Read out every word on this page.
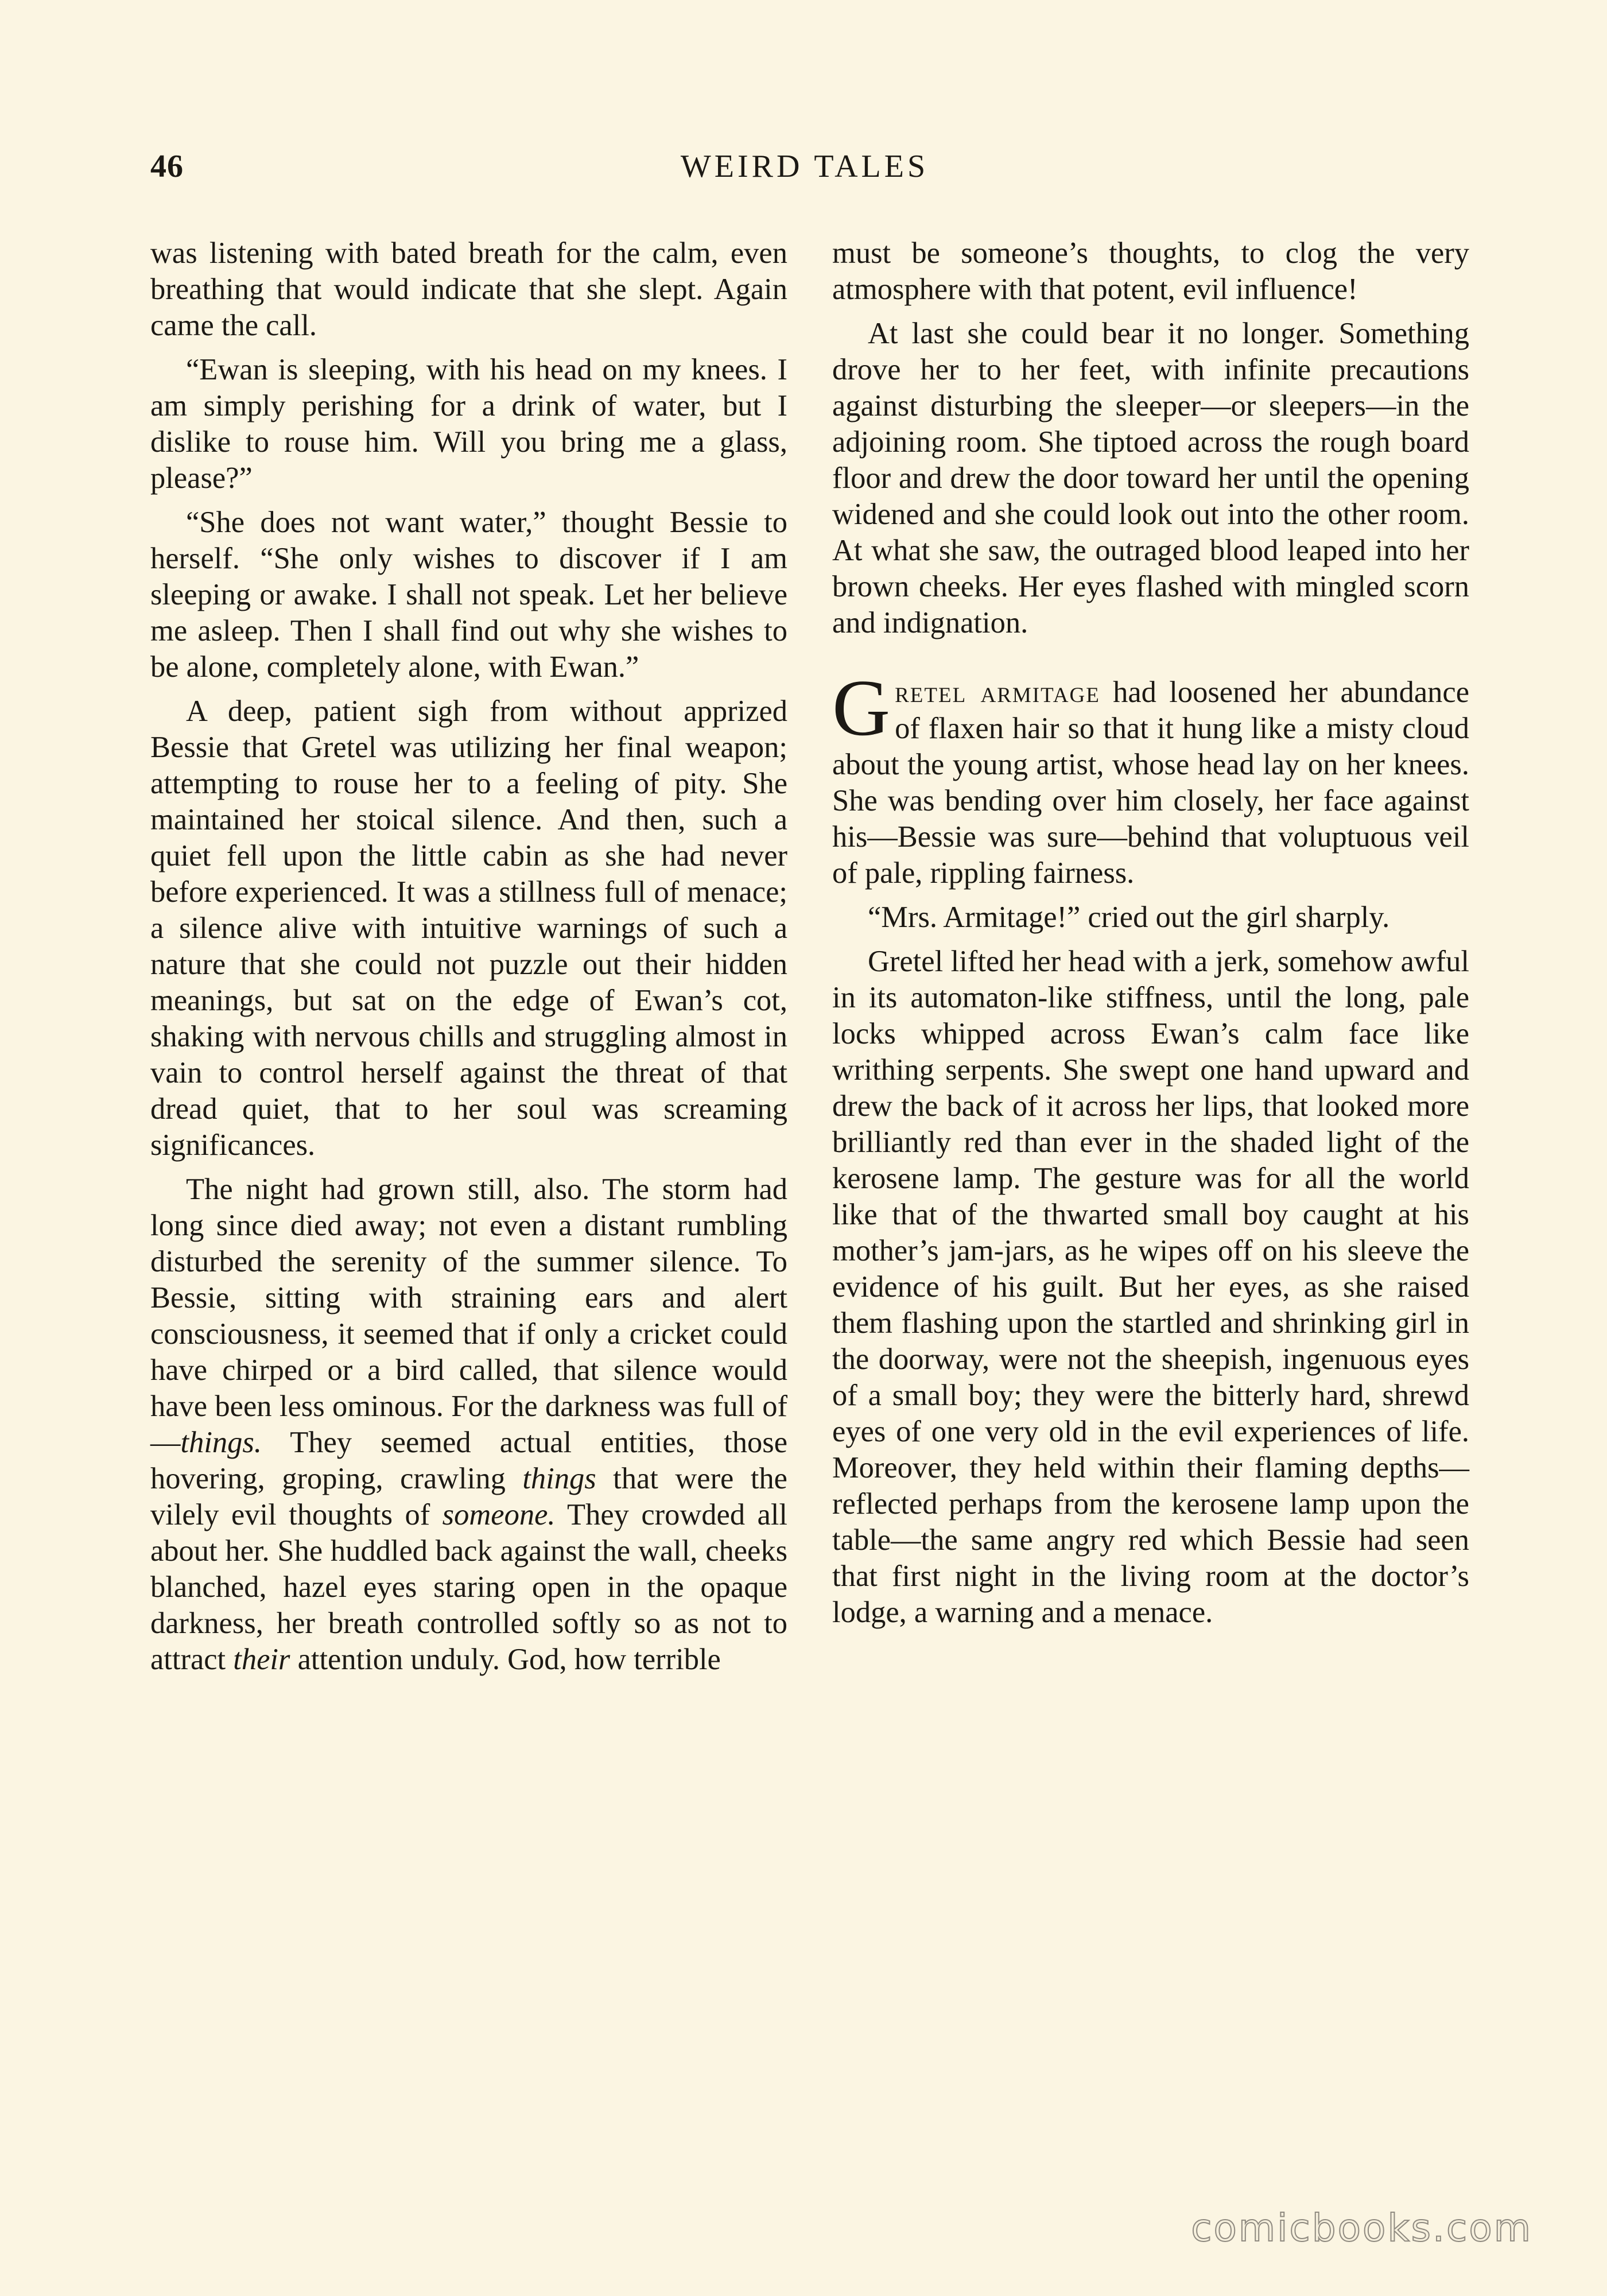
46	WEIRD TALES

was listening with bated breath for the calm, even breathing that would indicate that she slept. Again came the call.

“Ewan is sleeping, with his head on my knees. I am simply perishing for a drink of water, but I dislike to rouse him. Will you bring me a glass, please?”

“She does not want water,” thought Bessie to herself. “She only wishes to discover if I am sleeping or awake. I shall not speak. Let her believe me asleep. Then I shall find out why she wishes to be alone, completely alone, with Ewan.”

A deep, patient sigh from without apprized Bessie that Gretel was utilizing her final weapon; attempting to rouse her to a feeling of pity. She maintained her stoical silence. And then, such a quiet fell upon the little cabin as she had never before experienced. It was a stillness full of menace; a silence alive with intuitive warnings of such a nature that she could not puzzle out their hidden meanings, but sat on the edge of Ewan’s cot, shaking with nervous chills and struggling almost in vain to control herself against the threat of that dread quiet, that to her soul was screaming significances.

The night had grown still, also. The storm had long since died away; not even a distant rumbling disturbed the serenity of the summer silence. To Bessie, sitting with straining ears and alert consciousness, it seemed that if only a cricket could have chirped or a bird called, that silence would have been less ominous. For the darkness was full of—things. They seemed actual entities, those hovering, groping, crawling things that were the vilely evil thoughts of someone. They crowded all about her. She huddled back against the wall, cheeks blanched, hazel eyes staring open in the opaque darkness, her breath controlled softly so as not to attract their attention unduly. God, how terrible

must be someone’s thoughts, to clog the very atmosphere with that potent, evil influence!

At last she could bear it no longer. Something drove her to her feet, with infinite precautions against disturbing the sleeper—or sleepers—in the adjoining room. She tiptoed across the rough board floor and drew the door toward her until the opening widened and she could look out into the other room. At what she saw, the outraged blood leaped into her brown cheeks. Her eyes flashed with mingled scorn and indignation.

Gretel armitage had loosened her abundance of flaxen hair so that it hung like a misty cloud about the young artist, whose head lay on her knees. She was bending over him closely, her face against his—Bessie was sure—behind that voluptuous veil of pale, rippling fairness.

“Mrs. Armitage!” cried out the girl sharply.

Gretel lifted her head with a jerk, somehow awful in its automaton-like stiffness, until the long, pale locks whipped across Ewan’s calm face like writhing serpents. She swept one hand upward and drew the back of it across her lips, that looked more brilliantly red than ever in the shaded light of the kerosene lamp. The gesture was for all the world like that of the thwarted small boy caught at his mother’s jam-jars, as he wipes off on his sleeve the evidence of his guilt. But her eyes, as she raised them flashing upon the startled and shrinking girl in the doorway, were not the sheepish, ingenuous eyes of a small boy; they were the bitterly hard, shrewd eyes of one very old in the evil experiences of life. Moreover, they held within their flaming depths—reflected perhaps from the kerosene lamp upon the table—the same angry red which Bessie had seen that first night in the living room at the doctor’s lodge, a warning and a menace.

comicbooks.com
